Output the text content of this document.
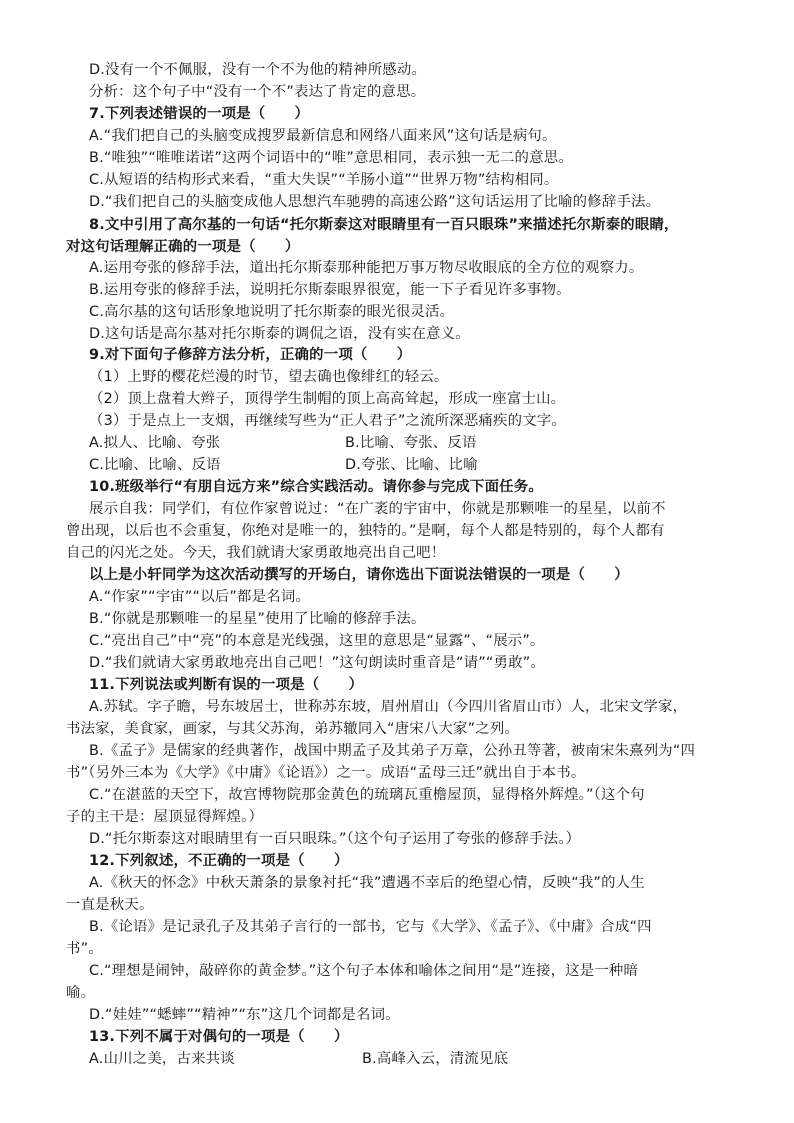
D.没有一个不佩服，没有一个不为他的精神所感动。
分析：这个句子中“没有一个不”表达了肯定的意思。
7.下列表述错误的一项是（　　）
A.“我们把自己的头脑变成搜罗最新信息和网络八面来风”这句话是病句。
B.“唯独”“唯唯诺诺”这两个词语中的“唯”意思相同，表示独一无二的意思。
C.从短语的结构形式来看，“重大失误”“羊肠小道”“世界万物”结构相同。
D.“我们把自己的头脑变成他人思想汽车驰骋的高速公路”这句话运用了比喻的修辞手法。
8.文中引用了高尔基的一句话“托尔斯泰这对眼睛里有一百只眼珠”来描述托尔斯泰的眼睛，
对这句话理解正确的一项是（　　）
A.运用夸张的修辞手法，道出托尔斯泰那种能把万事万物尽收眼底的全方位的观察力。
B.运用夸张的修辞手法，说明托尔斯泰眼界很宽，能一下子看见许多事物。
C.高尔基的这句话形象地说明了托尔斯泰的眼光很灵活。
D.这句话是高尔基对托尔斯泰的调侃之语，没有实在意义。
9.对下面句子修辞方法分析，正确的一项（　　）
（1）上野的樱花烂漫的时节，望去确也像绯红的轻云。
（2）顶上盘着大辫子，顶得学生制帽的顶上高高耸起，形成一座富士山。
（3）于是点上一支烟，再继续写些为“正人君子”之流所深恶痛疾的文字。
A.拟人、比喻、夸张	B.比喻、夸张、反语
C.比喻、比喻、反语	D.夸张、比喻、比喻
10.班级举行“有朋自远方来”综合实践活动。请你参与完成下面任务。
展示自我：同学们，有位作家曾说过：“在广袤的宇宙中，你就是那颗唯一的星星，以前不
曾出现，以后也不会重复，你绝对是唯一的，独特的。”是啊，每个人都是特别的，每个人都有
自己的闪光之处。今天，我们就请大家勇敢地亮出自己吧！
以上是小轩同学为这次活动撰写的开场白，请你选出下面说法错误的一项是（　　）
A.“作家”“宇宙”“以后”都是名词。
B.“你就是那颗唯一的星星”使用了比喻的修辞手法。
C.“亮出自己”中“亮”的本意是光线强，这里的意思是“显露”、“展示”。
D.“我们就请大家勇敢地亮出自己吧！”这句朗读时重音是“请”“勇敢”。
11.下列说法或判断有误的一项是（　　）
A.苏轼。字子瞻，号东坡居士，世称苏东坡，眉州眉山（今四川省眉山市）人，北宋文学家，
书法家，美食家，画家，与其父苏洵，弟苏辙同入“唐宋八大家”之列。
B.《孟子》是儒家的经典著作，战国中期孟子及其弟子万章，公孙丑等著，被南宋朱熹列为“四
书”（另外三本为《大学》《中庸》《论语》）之一。成语“孟母三迁”就出自于本书。
C.“在湛蓝的天空下，故宫博物院那金黄色的琉璃瓦重檐屋顶，显得格外辉煌。”（这个句
子的主干是：屋顶显得辉煌。）
D.“托尔斯泰这对眼睛里有一百只眼珠。”（这个句子运用了夸张的修辞手法。）
12.下列叙述，不正确的一项是（　　）
A.《秋天的怀念》中秋天萧条的景象衬托“我”遭遇不幸后的绝望心情，反映“我”的人生
一直是秋天。
B.《论语》是记录孔子及其弟子言行的一部书，它与《大学》、《孟子》、《中庸》合成“四
书”。
C.“理想是闹钟，敲碎你的黄金梦。”这个句子本体和喻体之间用“是”连接，这是一种暗
喻。
D.“娃娃”“蟋蟀”“精神”“东”这几个词都是名词。
13.下列不属于对偶句的一项是（　　）
A.山川之美，古来共谈	B.高峰入云，清流见底
